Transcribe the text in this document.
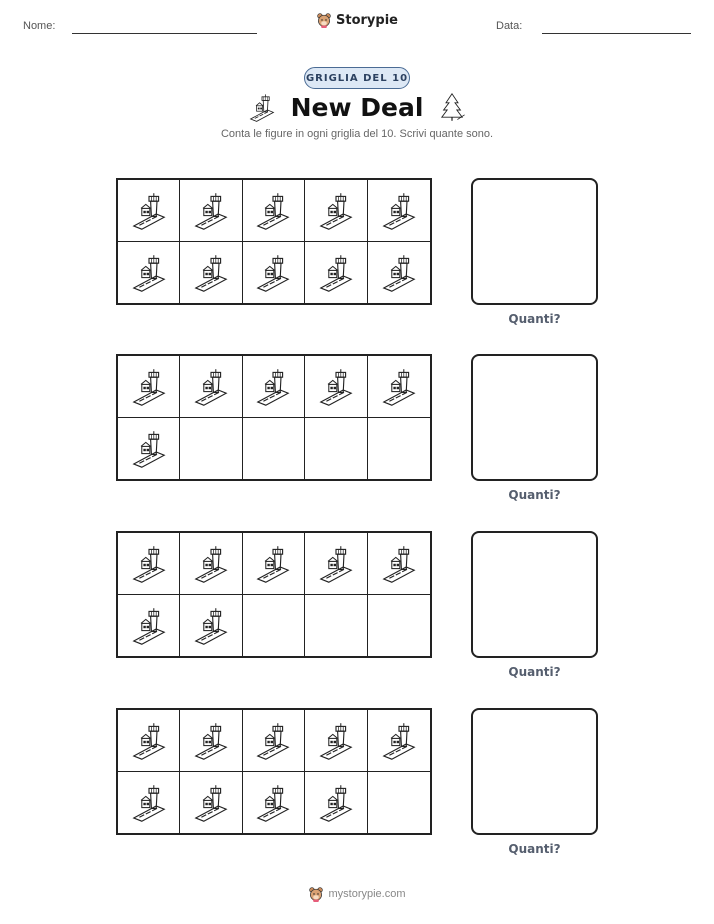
Nome:	Storypie	Data:
GRIGLIA DEL 10
New Deal
Conta le figure in ogni griglia del 10. Scrivi quante sono.
Quanti?
Quanti?
Quanti?
Quanti?
mystorypie.com
